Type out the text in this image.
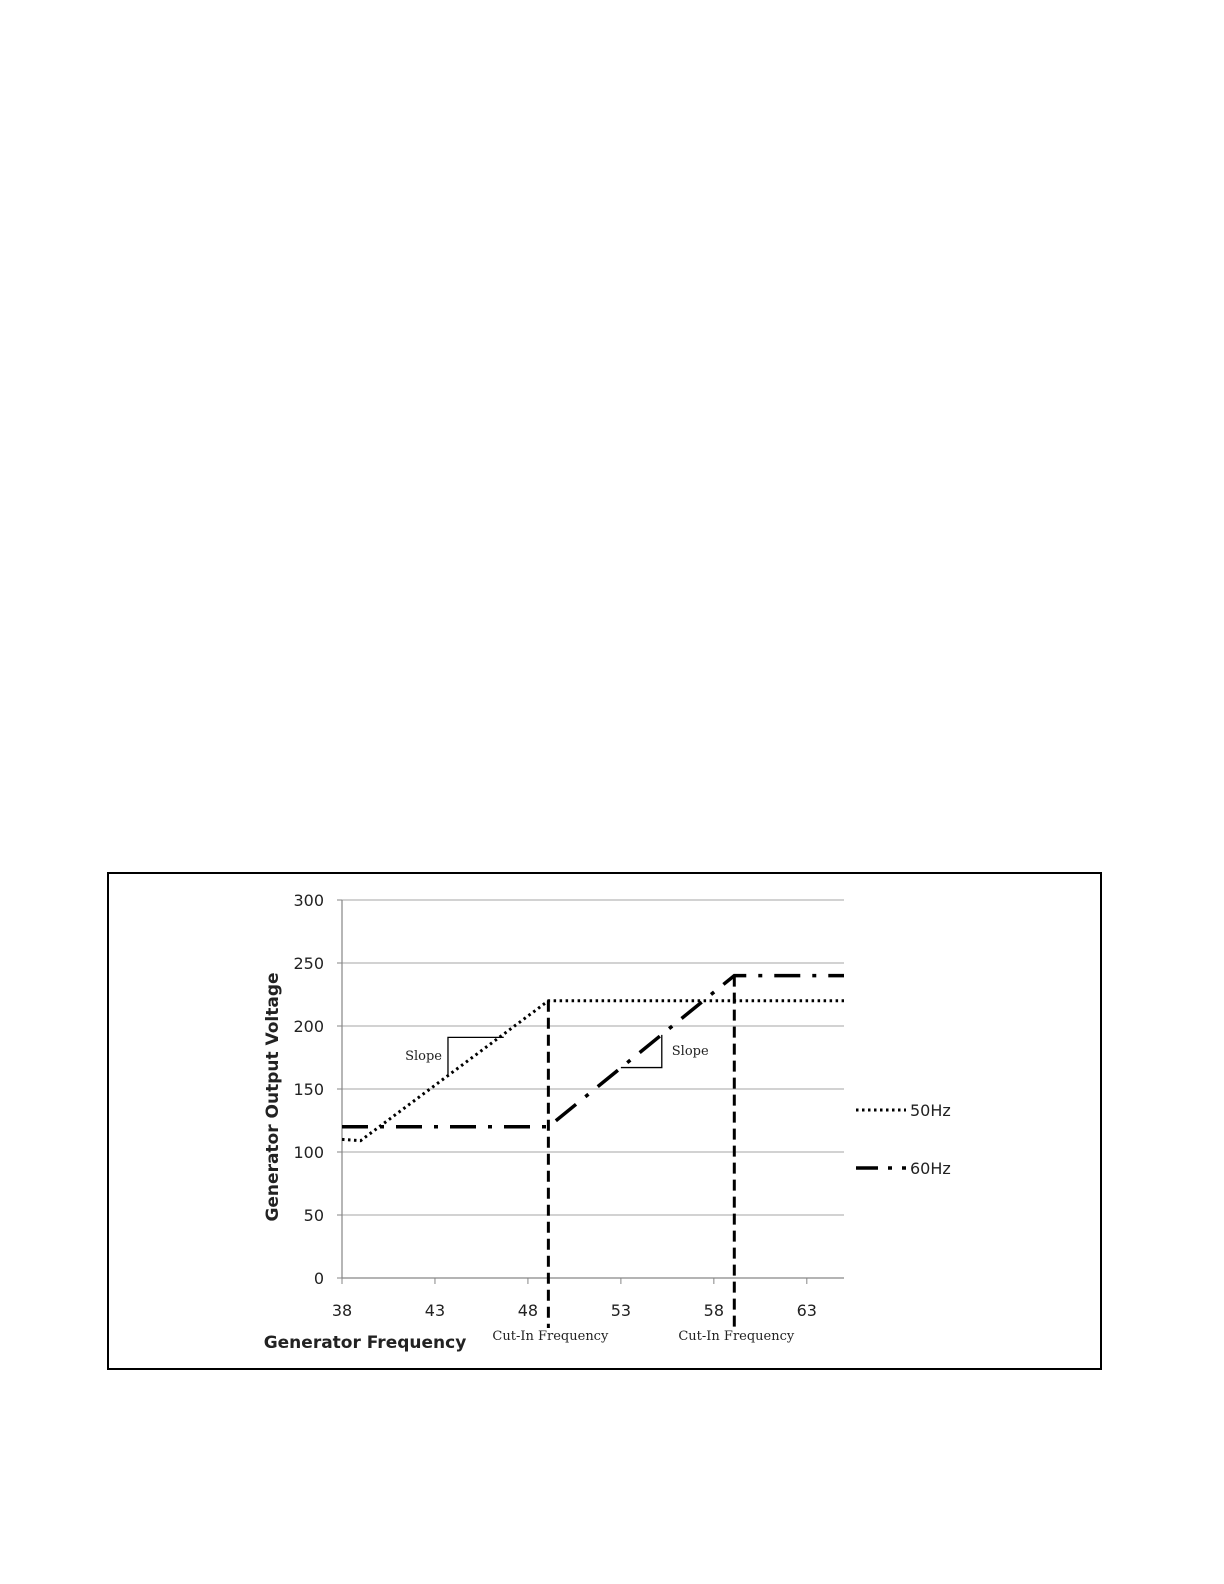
0
50
100
150
200
250
300
38	43	48	53	58	63
Cut-In Frequency	Cut-In Frequency
Slope	Slope
50Hz
60Hz
Generator Frequency
Generator Output Voltage
